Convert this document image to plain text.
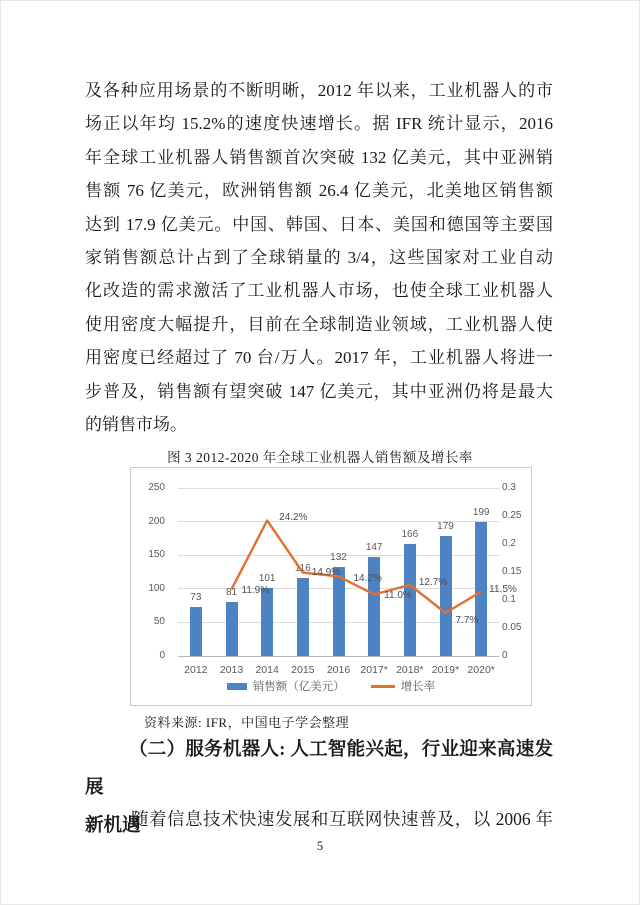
及各种应用场景的不断明晰，2012 年以来，工业机器人的市
场正以年均 15.2%的速度快速增长。据 IFR 统计显示，2016
年全球工业机器人销售额首次突破 132 亿美元，其中亚洲销
售额 76 亿美元，欧洲销售额 26.4 亿美元，北美地区销售额
达到 17.9 亿美元。中国、韩国、日本、美国和德国等主要国
家销售额总计占到了全球销量的 3/4，这些国家对工业自动
化改造的需求激活了工业机器人市场，也使全球工业机器人
使用密度大幅提升，目前在全球制造业领域，工业机器人使
用密度已经超过了 70 台/万人。2017 年，工业机器人将进一
步普及，销售额有望突破 147 亿美元，其中亚洲仍将是最大
的销售市场。
图 3 2012-2020 年全球工业机器人销售额及增长率
250
200
150
100
50
0
0.3
0.25
0.2
0.15
0.1
0.05
0
73
2012
81
2013
101
2014
116
2015
132
2016
147
2017*
166
2018*
179
2019*
199
2020*
11.9%
24.2%
14.9%
14.2%
11.0%
12.7%
7.7%
11.5%
销售额（亿美元）	增长率
资料来源: IFR，中国电子学会整理
（二）服务机器人: 人工智能兴起，行业迎来高速发展
新机遇
随着信息技术快速发展和互联网快速普及，以 2006 年
5
